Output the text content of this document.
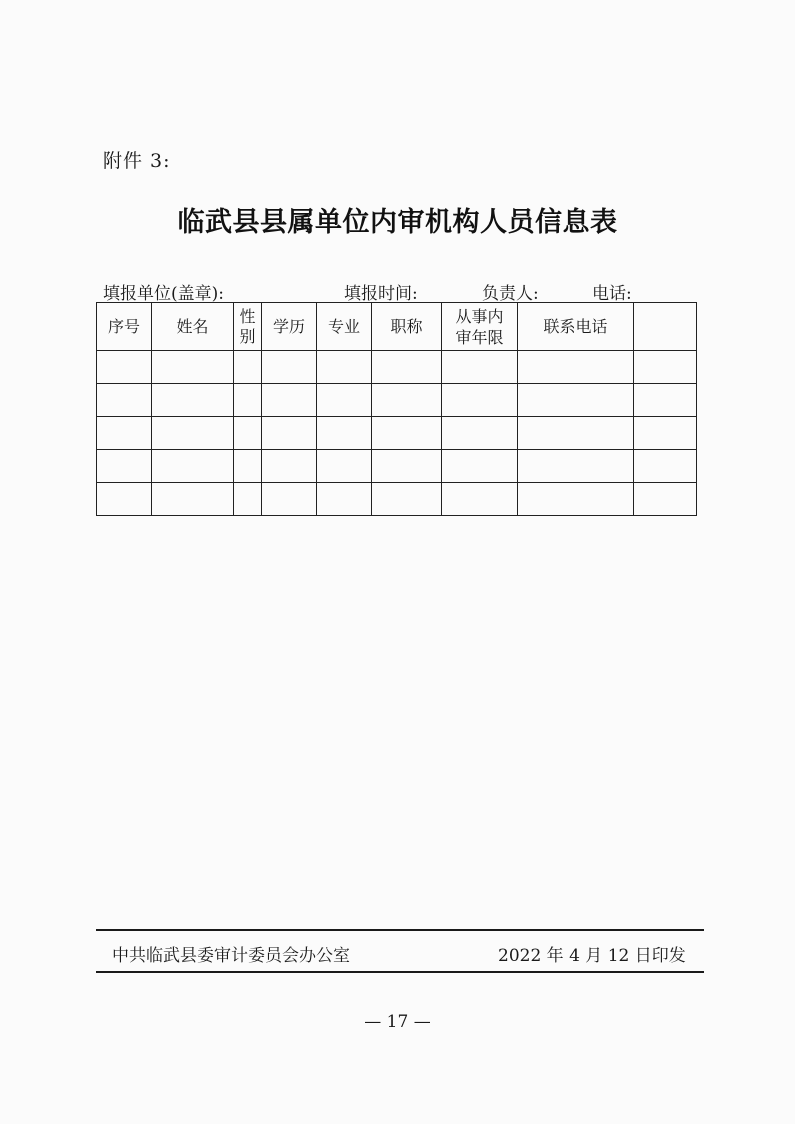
附件 3:
临武县县属单位内审机构人员信息表
填报单位(盖章):	填报时间:	负责人:	电话:
序号	姓名	性别	学历	专业	职称	从事内审年限	联系电话	

中共临武县委审计委员会办公室	2022 年 4 月 12 日印发
— 17 —
